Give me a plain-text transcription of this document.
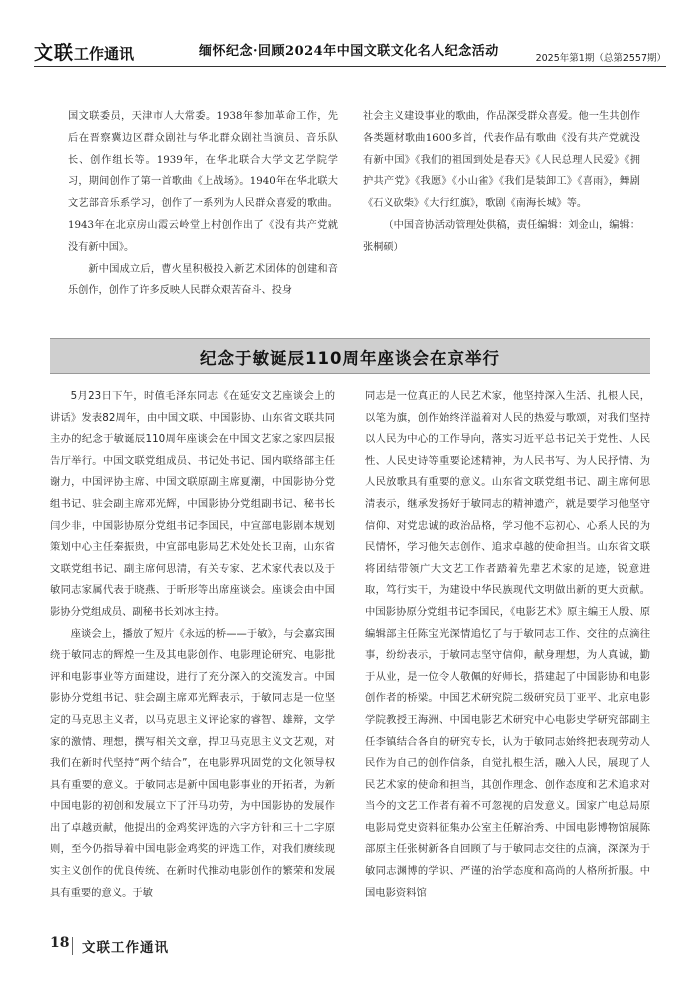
文联工作通讯	缅怀纪念·回顾2024年中国文联文化名人纪念活动	2025年第1期（总第2557期）

国文联委员，天津市人大常委。1938年参加革命工作，先后在晋察冀边区群众剧社与华北群众剧社当演员、音乐队长、创作组长等。1939年，在华北联合大学文艺学院学习，期间创作了第一首歌曲《上战场》。1940年在华北联大文艺部音乐系学习，创作了一系列为人民群众喜爱的歌曲。1943年在北京房山霞云岭堂上村创作出了《没有共产党就没有新中国》。

新中国成立后，曹火星积极投入新艺术团体的创建和音乐创作，创作了许多反映人民群众艰苦奋斗、投身

社会主义建设事业的歌曲，作品深受群众喜爱。他一生共创作各类题材歌曲1600多首，代表作品有歌曲《没有共产党就没有新中国》《我们的祖国到处是春天》《人民总理人民爱》《拥护共产党》《我愿》《小山雀》《我们是装卸工》《喜雨》，舞剧《石义砍柴》《大行红旗》，歌剧《南海长城》等。

（中国音协活动管理处供稿，责任编辑：刘金山，编辑：张桐硕）

纪念于敏诞辰110周年座谈会在京举行

5月23日下午，时值毛泽东同志《在延安文艺座谈会上的讲话》发表82周年，由中国文联、中国影协、山东省文联共同主办的纪念于敏诞辰110周年座谈会在中国文艺家之家四层报告厅举行。中国文联党组成员、书记处书记、国内联络部主任谢力，中国评协主席、中国文联原副主席夏潮，中国影协分党组书记、驻会副主席邓光辉，中国影协分党组副书记、秘书长闫少非，中国影协原分党组书记李国民，中宣部电影剧本规划策划中心主任秦振贵，中宣部电影局艺术处处长卫南，山东省文联党组书记、副主席何思清，有关专家、艺术家代表以及于敏同志家属代表于晓燕、于昕形等出席座谈会。座谈会由中国影协分党组成员、副秘书长刘冰主持。

座谈会上，播放了短片《永远的桥——于敏》，与会嘉宾围绕于敏同志的辉煌一生及其电影创作、电影理论研究、电影批评和电影事业等方面建设，进行了充分深入的交流发言。中国影协分党组书记、驻会副主席邓光辉表示，于敏同志是一位坚定的马克思主义者，以马克思主义评论家的睿智、雄辩，文学家的激情、理想，撰写相关文章，捍卫马克思主义文艺观，对我们在新时代坚持“两个结合”，在电影界巩固党的文化领导权具有重要的意义。于敏同志是新中国电影事业的开拓者，为新中国电影的初创和发展立下了汗马功劳，为中国影协的发展作出了卓越贡献，他提出的金鸡奖评选的六字方针和三十二字原则，至今仍指导着中国电影金鸡奖的评选工作，对我们赓续现实主义创作的优良传统、在新时代推动电影创作的繁荣和发展具有重要的意义。于敏

同志是一位真正的人民艺术家，他坚持深入生活、扎根人民，以笔为旗，创作始终洋溢着对人民的热爱与歌颂，对我们坚持以人民为中心的工作导向，落实习近平总书记关于党性、人民性、人民史诗等重要论述精神，为人民书写、为人民抒情、为人民放歌具有重要的意义。山东省文联党组书记、副主席何思清表示，继承发扬好于敏同志的精神遗产，就是要学习他坚守信仰、对党忠诚的政治品格，学习他不忘初心、心系人民的为民情怀，学习他矢志创作、追求卓越的使命担当。山东省文联将团结带领广大文艺工作者踏着先辈艺术家的足迹，锐意进取，笃行实干，为建设中华民族现代文明做出新的更大贡献。中国影协原分党组书记李国民，《电影艺术》原主编王人殷、原编辑部主任陈宝光深情追忆了与于敏同志工作、交往的点滴往事，纷纷表示，于敏同志坚守信仰，献身理想，为人真诚，勤于从业，是一位令人敬佩的好师长，搭建起了中国影协和电影创作者的桥梁。中国艺术研究院二级研究员丁亚平、北京电影学院教授王海洲、中国电影艺术研究中心电影史学研究部副主任李镇结合各自的研究专长，认为于敏同志始终把表现劳动人民作为自己的创作信条，自觉扎根生活，融入人民，展现了人民艺术家的使命和担当，其创作理念、创作态度和艺术追求对当今的文艺工作者有着不可忽视的启发意义。国家广电总局原电影局党史资料征集办公室主任解治秀、中国电影博物馆展陈部原主任张树新各自回顾了与于敏同志交往的点滴，深深为于敏同志渊博的学识、严谨的治学态度和高尚的人格所折服。中国电影资料馆

18 文联工作通讯
